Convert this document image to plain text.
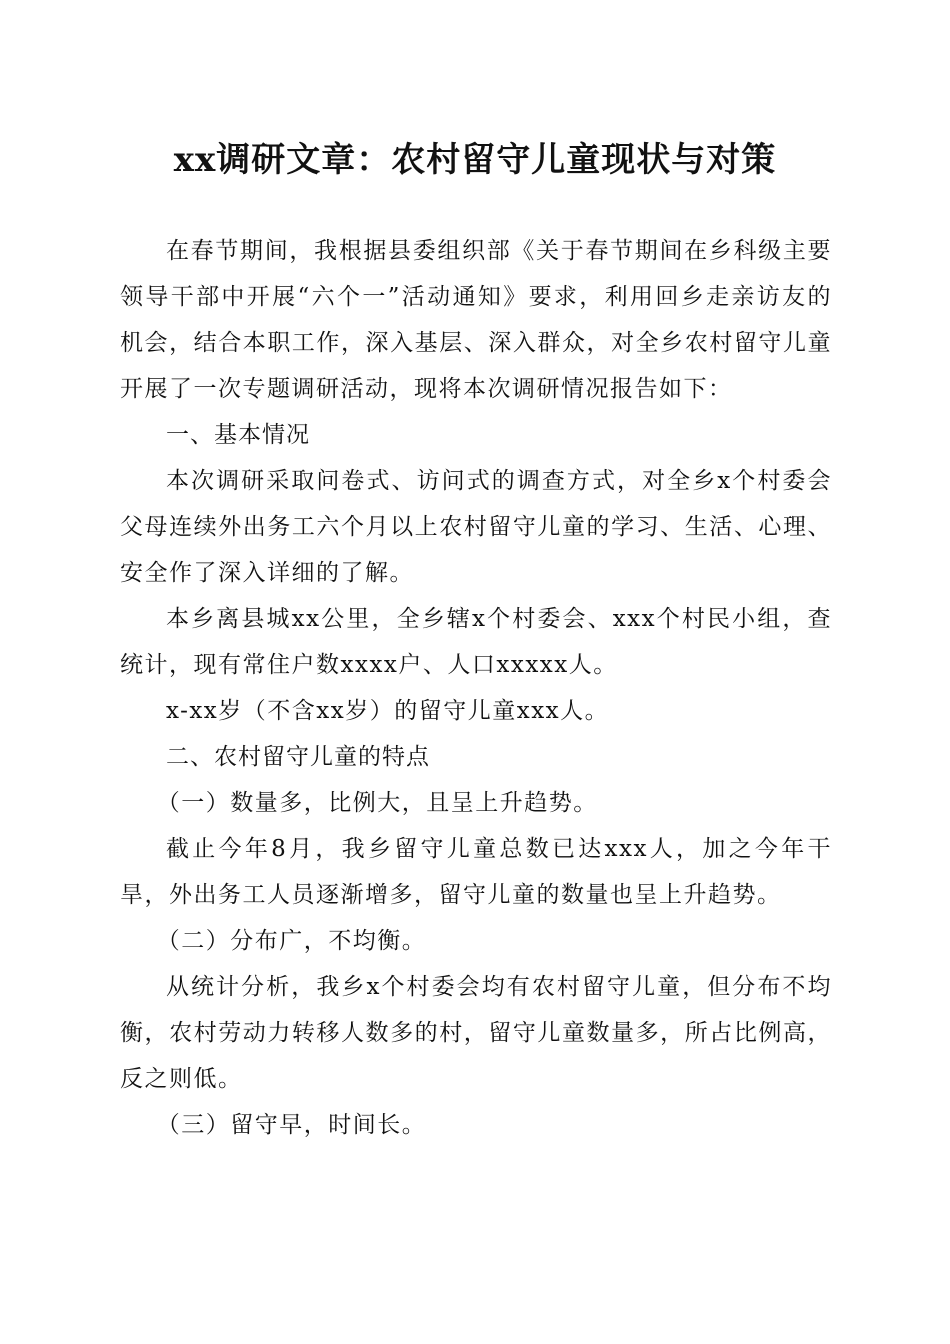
xx调研文章：农村留守儿童现状与对策

在春节期间，我根据县委组织部《关于春节期间在乡科级主要领导干部中开展“六个一”活动通知》要求，利用回乡走亲访友的机会，结合本职工作，深入基层、深入群众，对全乡农村留守儿童开展了一次专题调研活动，现将本次调研情况报告如下：

一、基本情况

本次调研采取问卷式、访问式的调查方式，对全乡x个村委会父母连续外出务工六个月以上农村留守儿童的学习、生活、心理、安全作了深入详细的了解。

本乡离县城xx公里，全乡辖x个村委会、xxx个村民小组，查统计，现有常住户数xxxx户、人口xxxxx人。

x-xx岁（不含xx岁）的留守儿童xxx人。

二、农村留守儿童的特点

（一）数量多，比例大，且呈上升趋势。

截止今年8月，我乡留守儿童总数已达xxx人，加之今年干旱，外出务工人员逐渐增多，留守儿童的数量也呈上升趋势。

（二）分布广，不均衡。

从统计分析，我乡x个村委会均有农村留守儿童，但分布不均衡，农村劳动力转移人数多的村，留守儿童数量多，所占比例高，反之则低。

（三）留守早，时间长。
